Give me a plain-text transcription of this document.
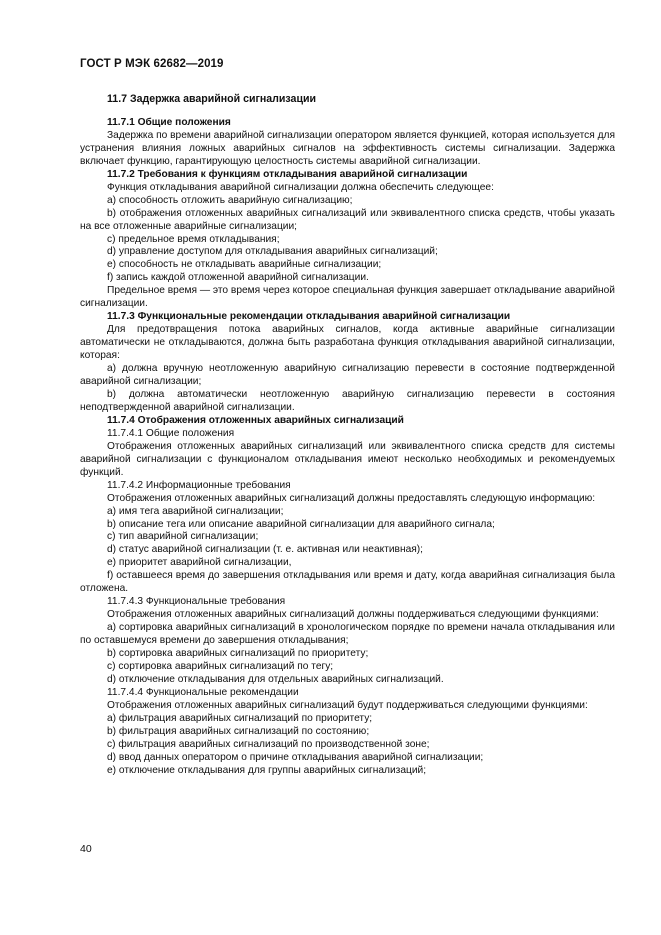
ГОСТ Р МЭК 62682—2019

11.7 Задержка аварийной сигнализации

11.7.1 Общие положения

Задержка по времени аварийной сигнализации оператором является функцией, которая используется для устранения влияния ложных аварийных сигналов на эффективность системы сигнализации. Задержка включает функцию, гарантирующую целостность системы аварийной сигнализации.

11.7.2 Требования к функциям откладывания аварийной сигнализации

Функция откладывания аварийной сигнализации должна обеспечить следующее:

a) способность отложить аварийную сигнализацию;

b) отображения отложенных аварийных сигнализаций или эквивалентного списка средств, чтобы указать на все отложенные аварийные сигнализации;

c) предельное время откладывания;

d) управление доступом для откладывания аварийных сигнализаций;

e) способность не откладывать аварийные сигнализации;

f) запись каждой отложенной аварийной сигнализации.

Предельное время — это время через которое специальная функция завершает откладывание аварийной сигнализации.

11.7.3 Функциональные рекомендации откладывания аварийной сигнализации

Для предотвращения потока аварийных сигналов, когда активные аварийные сигнализации автоматически не откладываются, должна быть разработана функция откладывания аварийной сигнализации, которая:

a) должна вручную неотложенную аварийную сигнализацию перевести в состояние подтвержденной аварийной сигнализации;

b) должна автоматически неотложенную аварийную сигнализацию перевести в состояния неподтвержденной аварийной сигнализации.

11.7.4 Отображения отложенных аварийных сигнализаций

11.7.4.1 Общие положения

Отображения отложенных аварийных сигнализаций или эквивалентного списка средств для системы аварийной сигнализации с функционалом откладывания имеют несколько необходимых и рекомендуемых функций.

11.7.4.2 Информационные требования

Отображения отложенных аварийных сигнализаций должны предоставлять следующую информацию:

a) имя тега аварийной сигнализации;

b) описание тега или описание аварийной сигнализации для аварийного сигнала;

c) тип аварийной сигнализации;

d) статус аварийной сигнализации (т. е. активная или неактивная);

e) приоритет аварийной сигнализации,

f) оставшееся время до завершения откладывания или время и дату, когда аварийная сигнализация была отложена.

11.7.4.3 Функциональные требования

Отображения отложенных аварийных сигнализаций должны поддерживаться следующими функциями:

a) сортировка аварийных сигнализаций в хронологическом порядке по времени начала откладывания или по оставшемуся времени до завершения откладывания;

b) сортировка аварийных сигнализаций по приоритету;

c) сортировка аварийных сигнализаций по тегу;

d) отключение откладывания для отдельных аварийных сигнализаций.

11.7.4.4 Функциональные рекомендации

Отображения отложенных аварийных сигнализаций будут поддерживаться следующими функциями:

a) фильтрация аварийных сигнализаций по приоритету;

b) фильтрация аварийных сигнализаций по состоянию;

c) фильтрация аварийных сигнализаций по производственной зоне;

d) ввод данных оператором о причине откладывания аварийной сигнализации;

e) отключение откладывания для группы аварийных сигнализаций;

40
